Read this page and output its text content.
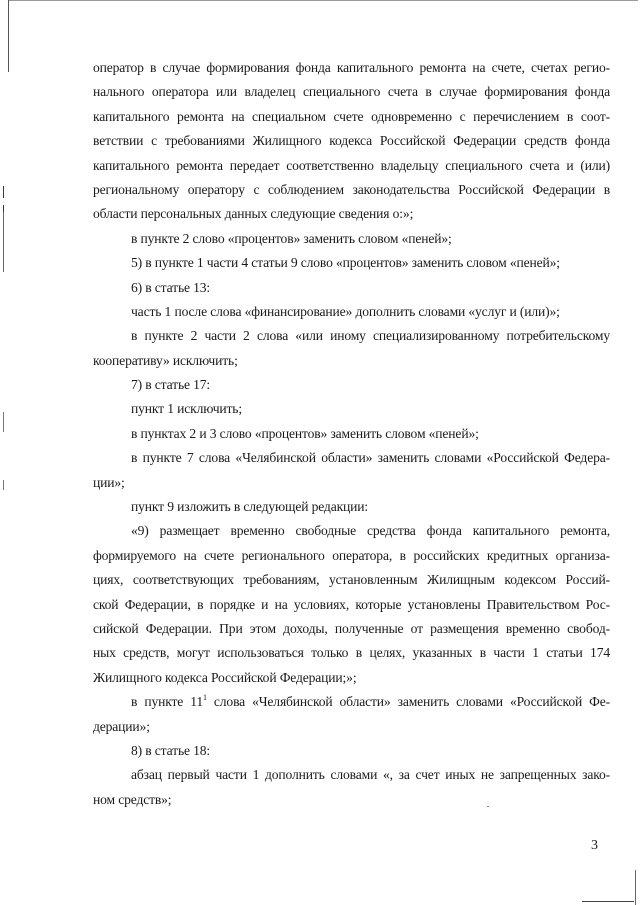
оператор в случае формирования фонда капитального ремонта на счете, счетах регио-
нального оператора или владелец специального счета в случае формирования фонда
капитального ремонта на специальном счете одновременно с перечислением в соот-
ветствии с требованиями Жилищного кодекса Российской Федерации средств фонда
капитального ремонта передает соответственно владельцу специального счета и (или)
региональному оператору с соблюдением законодательства Российской Федерации в
области персональных данных следующие сведения о:»;
в пункте 2 слово «процентов» заменить словом «пеней»;
5) в пункте 1 части 4 статьи 9 слово «процентов» заменить словом «пеней»;
6) в статье 13:
часть 1 после слова «финансирование» дополнить словами «услуг и (или)»;
в пункте 2 части 2 слова «или иному специализированному потребительскому
кооперативу» исключить;
7) в статье 17:
пункт 1 исключить;
в пунктах 2 и 3 слово «процентов» заменить словом «пеней»;
в пункте 7 слова «Челябинской области» заменить словами «Российской Федера-
ции»;
пункт 9 изложить в следующей редакции:
«9) размещает временно свободные средства фонда капитального ремонта,
формируемого на счете регионального оператора, в российских кредитных организа-
циях, соответствующих требованиям, установленным Жилищным кодексом Россий-
ской Федерации, в порядке и на условиях, которые установлены Правительством Рос-
сийской Федерации. При этом доходы, полученные от размещения временно свобод-
ных средств, могут использоваться только в целях, указанных в части 1 статьи 174
Жилищного кодекса Российской Федерации;»;
в пункте $11^1$ слова «Челябинской области» заменить словами «Российской Фе-
дерации»;
8) в статье 18:
абзац первый части 1 дополнить словами «, за счет иных не запрещенных зако-
ном средств»;
3
